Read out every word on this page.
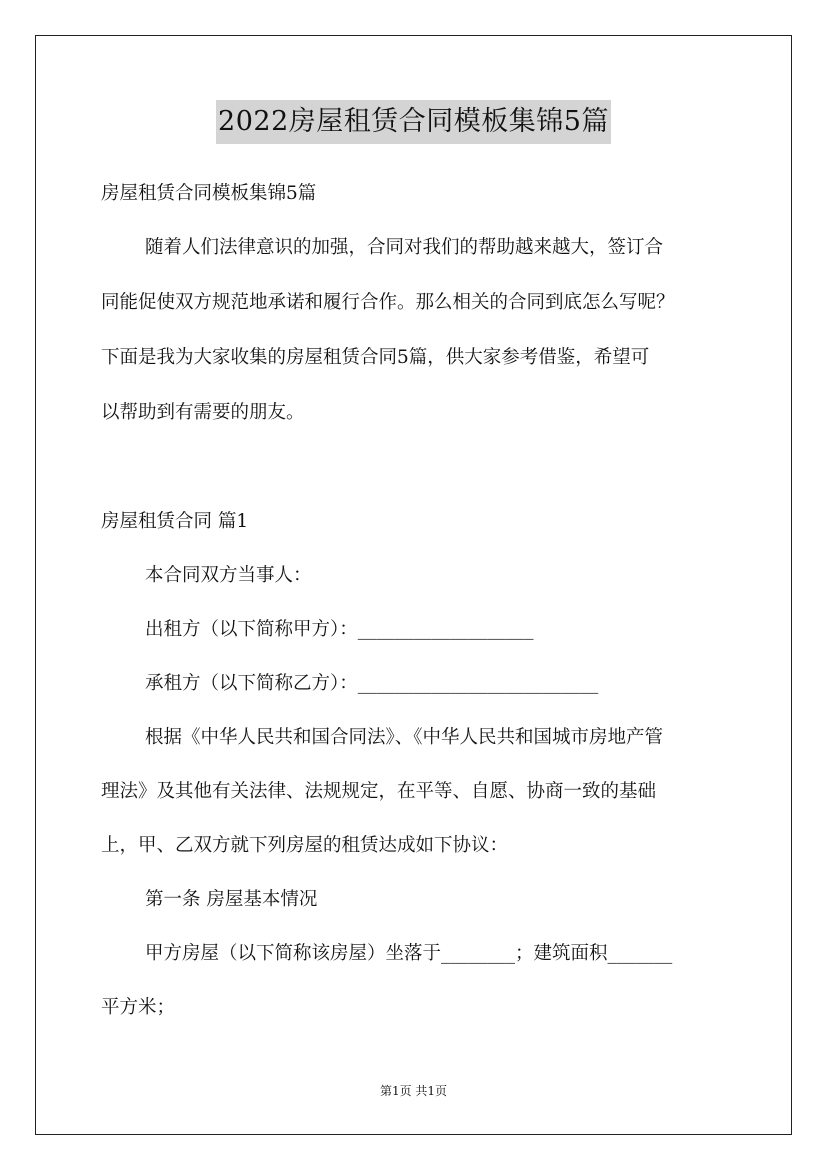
2022房屋租赁合同模板集锦5篇
房屋租赁合同模板集锦5篇
随着人们法律意识的加强，合同对我们的帮助越来越大，签订合
同能促使双方规范地承诺和履行合作。那么相关的合同到底怎么写呢？
下面是我为大家收集的房屋租赁合同5篇，供大家参考借鉴，希望可
以帮助到有需要的朋友。
房屋租赁合同 篇1
本合同双方当事人：
出租方（以下简称甲方）：___________________
承租方（以下简称乙方）：__________________________
根据《中华人民共和国合同法》、《中华人民共和国城市房地产管
理法》及其他有关法律、法规规定，在平等、自愿、协商一致的基础
上，甲、乙双方就下列房屋的租赁达成如下协议：
第一条 房屋基本情况
甲方房屋（以下简称该房屋）坐落于________；建筑面积_______
平方米；
第1页 共1页
